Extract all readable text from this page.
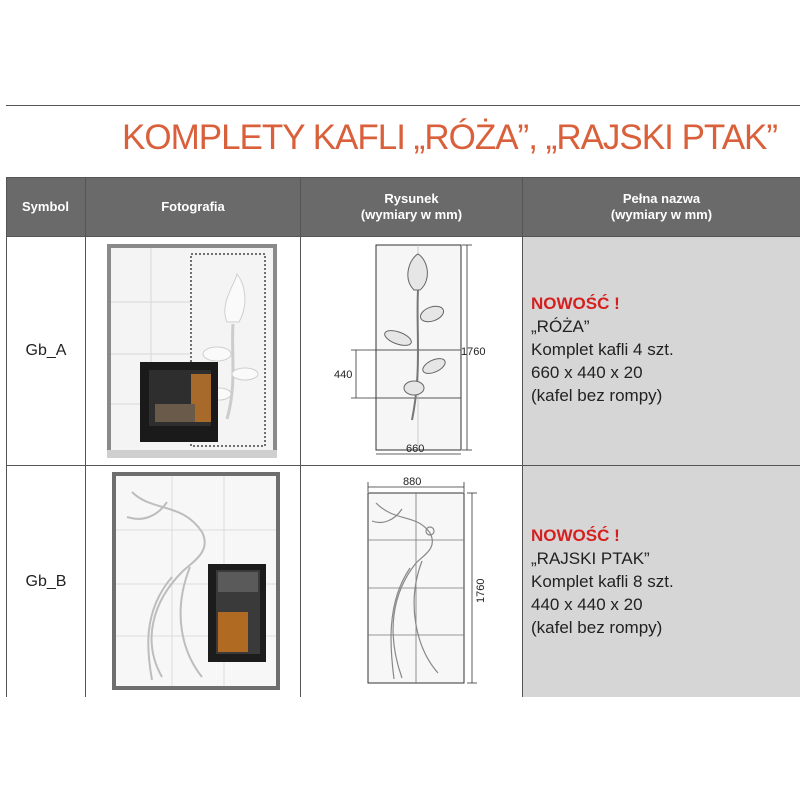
KOMPLETY KAFLI „RÓŻA”, „RAJSKI PTAK”
Symbol	Fotografia
Rysunek
(wymiary w mm)
Pełna nazwa
(wymiary w mm)
Gb_A	1760
440
660
NOWOŚĆ !
„RÓŻA”
Komplet kafli 4 szt.
660 x 440 x 20
(kafel bez rompy)
Gb_B
880
1760
NOWOŚĆ !
„RAJSKI PTAK”
Komplet kafli 8 szt.
440 x 440 x 20
(kafel bez rompy)
